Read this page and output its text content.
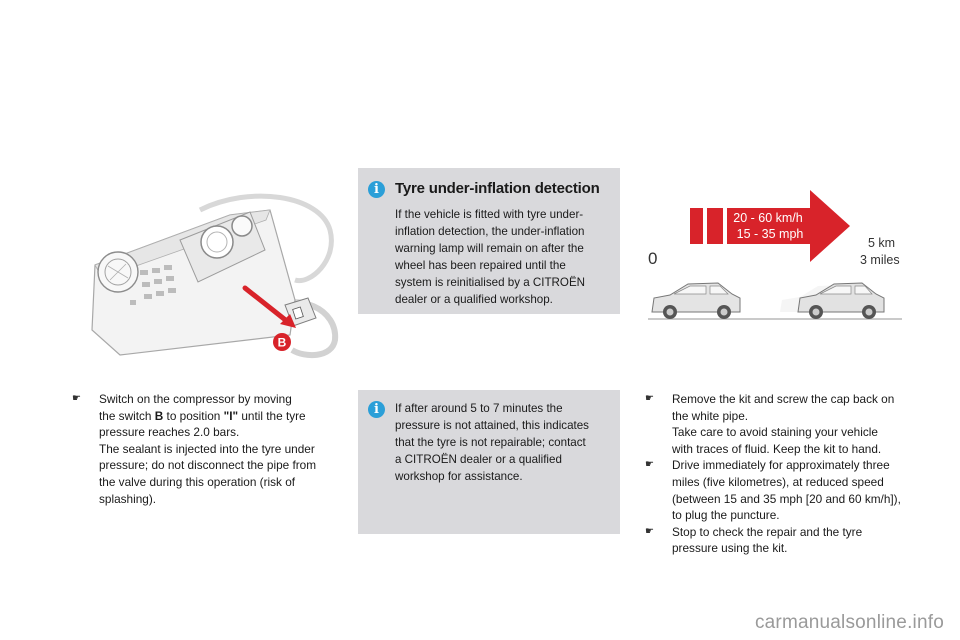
B
i	Tyre under-inflation detection
If the vehicle is fitted with tyre under-
inflation detection, the under-inflation
warning lamp will remain on after the
wheel has been repaired until the
system is reinitialised by a CITROËN
dealer or a qualified workshop.
20 - 60 km/h
15 - 35 mph
0
5 km
3 miles
☛ Switch on the compressor by moving
the switch B to position "I" until the tyre
pressure reaches 2.0 bars.
The sealant is injected into the tyre under
pressure; do not disconnect the pipe from
the valve during this operation (risk of
splashing).
i	If after around 5 to 7 minutes the
pressure is not attained, this indicates
that the tyre is not repairable; contact
a CITROËN dealer or a qualified
workshop for assistance.
☛ Remove the kit and screw the cap back on
the white pipe.
Take care to avoid staining your vehicle
with traces of fluid. Keep the kit to hand.
☛ Drive immediately for approximately three
miles (five kilometres), at reduced speed
(between 15 and 35 mph [20 and 60 km/h]),
to plug the puncture.
☛ Stop to check the repair and the tyre
pressure using the kit.
carmanualsonline.info
